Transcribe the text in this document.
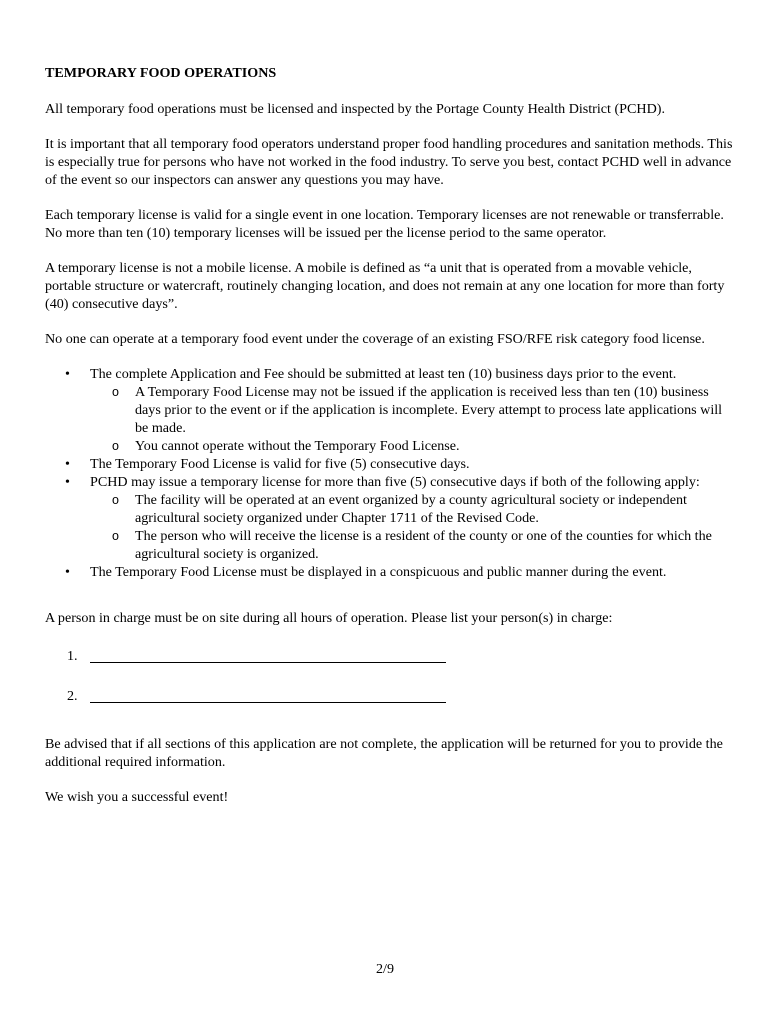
TEMPORARY FOOD OPERATIONS

All temporary food operations must be licensed and inspected by the Portage County Health District (PCHD).

It is important that all temporary food operators understand proper food handling procedures and sanitation methods. This is especially true for persons who have not worked in the food industry. To serve you best, contact PCHD well in advance of the event so our inspectors can answer any questions you may have.

Each temporary license is valid for a single event in one location. Temporary licenses are not renewable or transferrable. No more than ten (10) temporary licenses will be issued per the license period to the same operator.

A temporary license is not a mobile license. A mobile is defined as “a unit that is operated from a movable vehicle, portable structure or watercraft, routinely changing location, and does not remain at any one location for more than forty (40) consecutive days”.

No one can operate at a temporary food event under the coverage of an existing FSO/RFE risk category food license.

• The complete Application and Fee should be submitted at least ten (10) business days prior to the event.
o A Temporary Food License may not be issued if the application is received less than ten (10) business days prior to the event or if the application is incomplete. Every attempt to process late applications will be made.
o You cannot operate without the Temporary Food License.
• The Temporary Food License is valid for five (5) consecutive days.
• PCHD may issue a temporary license for more than five (5) consecutive days if both of the following apply:
o The facility will be operated at an event organized by a county agricultural society or independent agricultural society organized under Chapter 1711 of the Revised Code.
o The person who will receive the license is a resident of the county or one of the counties for which the agricultural society is organized.
• The Temporary Food License must be displayed in a conspicuous and public manner during the event.

A person in charge must be on site during all hours of operation. Please list your person(s) in charge:

1.
2.

Be advised that if all sections of this application are not complete, the application will be returned for you to provide the additional required information.

We wish you a successful event!

2/9
